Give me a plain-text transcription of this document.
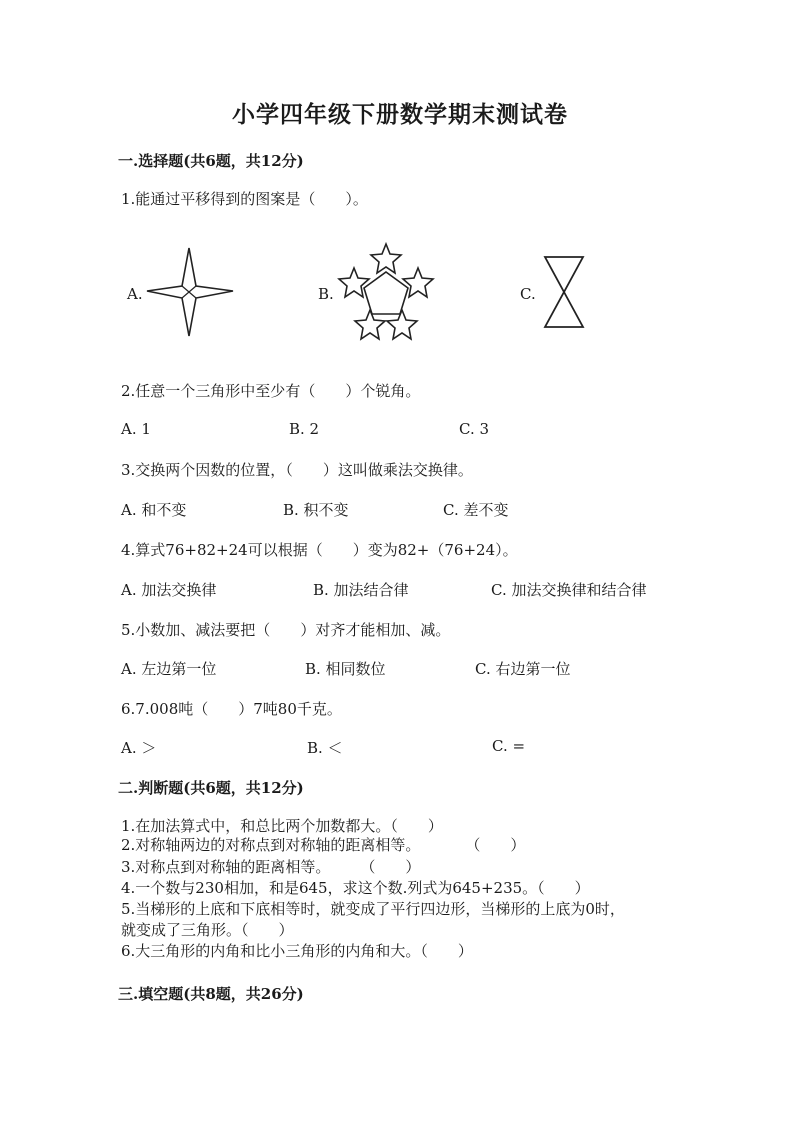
小学四年级下册数学期末测试卷
一.选择题(共6题，共12分)
1.能通过平移得到的图案是（　　）。
A.	B.	C.
2.任意一个三角形中至少有（　　）个锐角。
A. 1	B. 2	C. 3
3.交换两个因数的位置，（　　）这叫做乘法交换律。
A. 和不变	B. 积不变	C. 差不变
4.算式76+82+24可以根据（　　）变为82+（76+24）。
A. 加法交换律	B. 加法结合律	C. 加法交换律和结合律
5.小数加、减法要把（　　）对齐才能相加、减。
A. 左边第一位	B. 相同数位	C. 右边第一位
6.7.008吨（　　）7吨80千克。
A. ＞	B. ＜	C. =
二.判断题(共6题，共12分)
1.在加法算式中，和总比两个加数都大。（　　）
2.对称轴两边的对称点到对称轴的距离相等。　　　　（　　）
3.对称点到对称轴的距离相等。　　　（　　）
4.一个数与230相加，和是645，求这个数.列式为645+235。（　　）
5.当梯形的上底和下底相等时，就变成了平行四边形，当梯形的上底为0时，
就变成了三角形。（　　）
6.大三角形的内角和比小三角形的内角和大。（　　）
三.填空题(共8题，共26分)
